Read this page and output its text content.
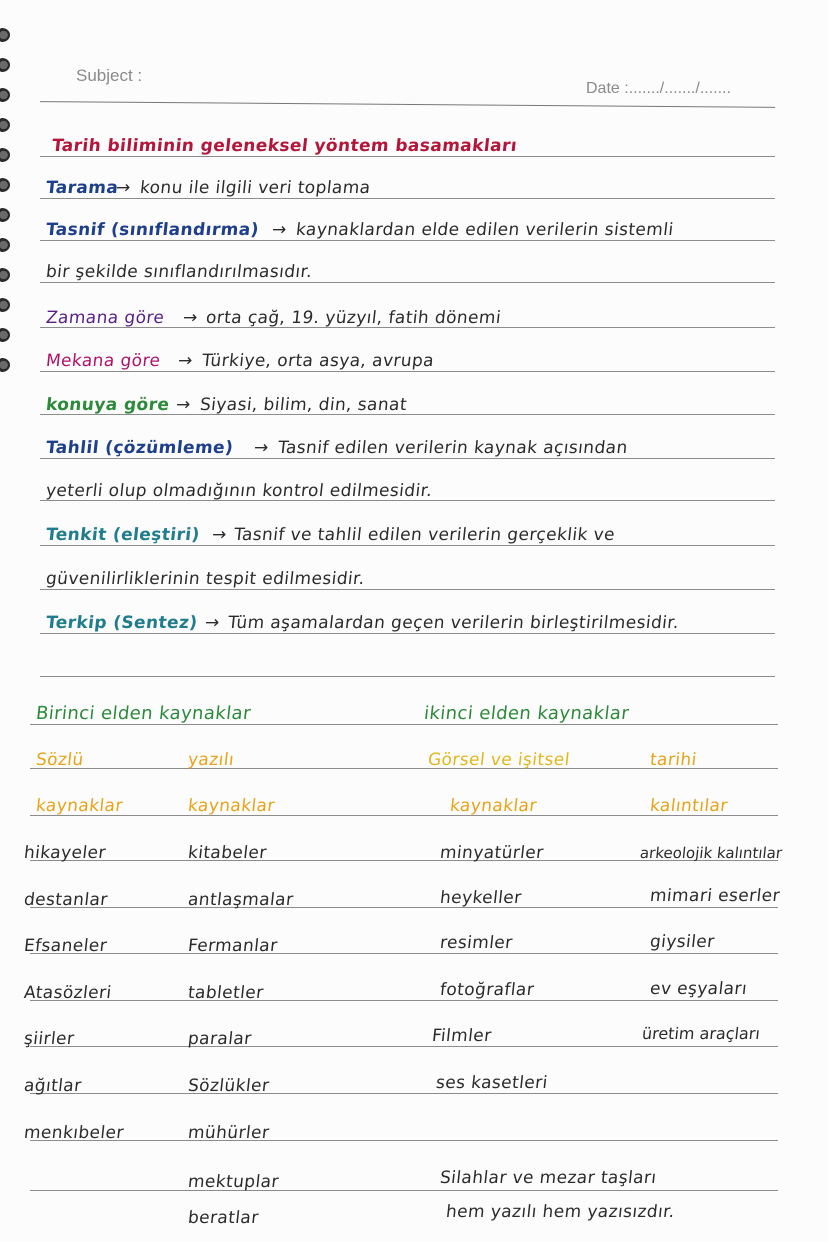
Subject :
Date :......./......./.......
Tarih biliminin geleneksel yöntem basamakları
Tarama
→ konu ile ilgili veri toplama
Tasnif (sınıflandırma) → kaynaklardan elde edilen verilerin sistemli
bir şekilde sınıflandırılmasıdır.
Zamana göre → orta çağ, 19. yüzyıl, fatih dönemi
Mekana göre → Türkiye, orta asya, avrupa
konuya göre → Siyasi, bilim, din, sanat
Tahlil (çözümleme) → Tasnif edilen verilerin kaynak açısından
yeterli olup olmadığının kontrol edilmesidir.
Tenkit (eleştiri) → Tasnif ve tahlil edilen verilerin gerçeklik ve
güvenilirliklerinin tespit edilmesidir.
Terkip (Sentez) → Tüm aşamalardan geçen verilerin birleştirilmesidir.
Birinci elden kaynaklar	ikinci elden kaynaklar
Sözlü
kaynaklar
yazılı
kaynaklar
Görsel ve işitsel
kaynaklar
tarihi
kalıntılar
hikayeler
destanlar
Efsaneler
Atasözleri
şiirler
ağıtlar
menkıbeler
kitabeler
antlaşmalar
Fermanlar
tabletler
paralar
Sözlükler
mühürler
mektuplar
beratlar
minyatürler
heykeller
resimler
fotoğraflar
Filmler
ses kasetleri
arkeolojik kalıntılar
mimari eserler
giysiler
ev eşyaları
üretim araçları
Silahlar ve mezar taşları
hem yazılı hem yazısızdır.
